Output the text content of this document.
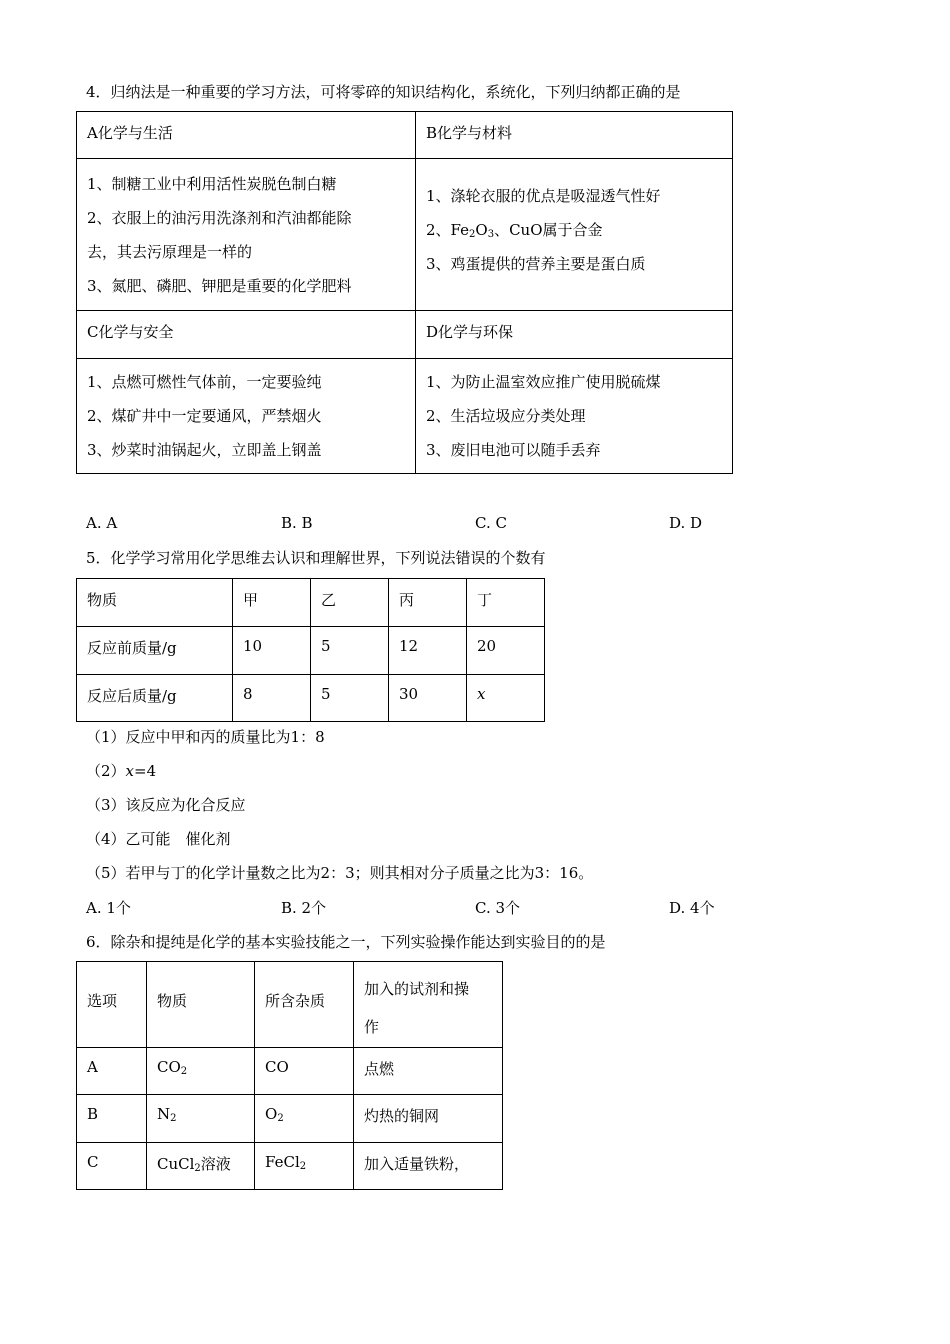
4．归纳法是一种重要的学习方法，可将零碎的知识结构化，系统化，下列归纳都正确的是
A化学与生活	B化学与材料

1、制糖工业中利用活性炭脱色制白糖
2、衣服上的油污用洗涤剂和汽油都能除
去，其去污原理是一样的
3、氮肥、磷肥、钾肥是重要的化学肥料	1、涤轮衣服的优点是吸湿透气性好
2、$Fe_2O_3$、CuO属于合金
3、鸡蛋提供的营养主要是蛋白质

C化学与安全	D化学与环保

1、点燃可燃性气体前，一定要验纯
2、煤矿井中一定要通风，严禁烟火
3、炒菜时油锅起火，立即盖上钢盖	1、为防止温室效应推广使用脱硫煤
2、生活垃圾应分类处理
3、废旧电池可以随手丢弃
A. A	B. B	C. C	D. D
5．化学学习常用化学思维去认识和理解世界，下列说法错误的个数有
物质	甲	乙	丙	丁
反应前质量/g	10	5	12	20
反应后质量/g	8	5	30	x
（1）反应中甲和丙的质量比为1：8
（2）x=4
（3）该反应为化合反应
（4）乙可能　催化剂
（5）若甲与丁的化学计量数之比为2：3；则其相对分子质量之比为3：16。
A. 1个	B. 2个	C. 3个	D. 4个
6．除杂和提纯是化学的基本实验技能之一，下列实验操作能达到实验目的的是
选项	物质	所含杂质	加入的试剂和操
作

A	$CO_2$	CO	点燃
B	$N_2$	$O_2$	灼热的铜网
C	CuCl$_2$溶液	FeCl$_2$	加入适量铁粉，
